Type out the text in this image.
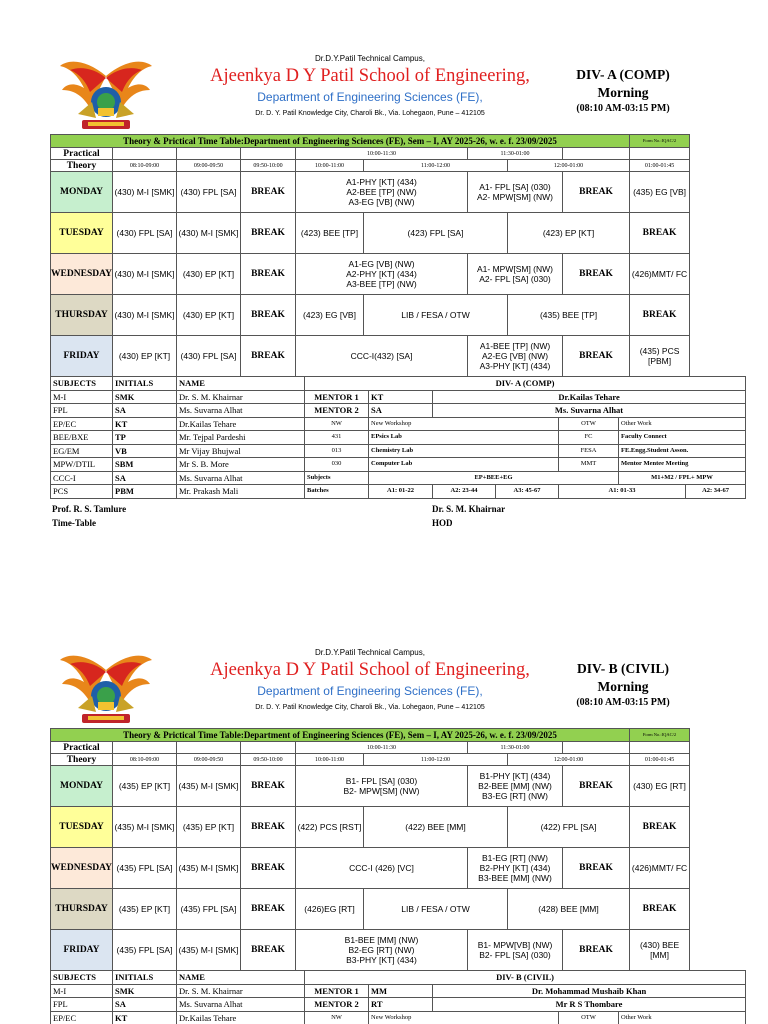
Dr.D.Y.Patil Technical Campus,
Ajeenkya D Y Patil School of Engineering,
Department of Engineering Sciences (FE),
Dr. D. Y. Patil Knowledge City, Charoli Bk., Via. Lohegaon, Pune – 412105
DIV- A (COMP)
Morning
(08:10 AM-03:15 PM)
Theory & Prictical Time Table:Department of Engineering Sciences (FE), Sem – I, AY 2025-26, w. e. f. 23/09/2025									Form No.:IQAC/2	
Practical				10:00-11:30		11:30-01:00				
Theory	08:10-09:00	09:00-09:50	09:50-10:00	10:00-11:00	11:00-12:00		12:00-01:00		01:00-01:45	
MONDAY	(430) M-I [SMK]	(430) FPL [SA]	BREAK	A1-PHY [KT] (434)
A2-BEE [TP] (NW)
A3-EG [VB] (NW)		A1- FPL [SA] (030)
A2- MPW[SM] (NW)		BREAK	(435) EG [VB]	
TUESDAY	(430) FPL [SA]	(430) M-I [SMK]	BREAK	(423) BEE [TP]	(423) FPL [SA]		(423) EP [KT]		BREAK	
WEDNESDAY	(430) M-I [SMK]	(430) EP [KT]	BREAK	A1-EG [VB] (NW)
A2-PHY [KT] (434)
A3-BEE [TP] (NW)		A1- MPW[SM] (NW)
A2- FPL [SA] (030)		BREAK	(426)MMT/ FC	
THURSDAY	(430) M-I [SMK]	(430) EP [KT]	BREAK	(423) EG [VB]	LIB / FESA / OTW		(435) BEE [TP]		BREAK	
FRIDAY	(430) EP [KT]	(430) FPL [SA]	BREAK	CCC-I(432) [SA]		A1-BEE [TP] (NW)
A2-EG [VB] (NW)
A3-PHY [KT] (434)		BREAK	(435) PCS [PBM]	
SUBJECTS	INITIALS	NAME	DIV- A (COMP)						
M-I	SMK	Dr. S. M. Khairnar	MENTOR 1	KT	Dr.Kailas Tehare				
FPL	SA	Ms. Suvarna Alhat	MENTOR 2	SA	Ms. Suvarna Alhat				
EP/EC	KT	Dr.Kailas Tehare	NW	New Workshop			OTW	Other Work	
BEE/BXE	TP	Mr. Tejpal Pardeshi	431	EPsics Lab			FC	Faculty Connect	
EG/EM	VB	Mr Vijay Bhujwal	013	Chemistry Lab			FESA	FE.Engg.Student Asson.	
MPW/DTIL	SBM	Mr S. B. More	030	Computer Lab			MMT	Mentor Mentee Meeting	
CCC-I	SA	Ms. Suvarna Alhat	Subjects	EP+BEE+EG				M1+M2 / FPL+ MPW	
PCS	PBM	Mr. Prakash Mali	Batches	A1: 01-22	A2: 23-44	A3: 45-67	A1: 01-33		A2: 34-67
Prof. R. S. Tamlure
Time-Table
Dr. S. M. Khairnar
HOD
Dr.D.Y.Patil Technical Campus,
Ajeenkya D Y Patil School of Engineering,
Department of Engineering Sciences (FE),
Dr. D. Y. Patil Knowledge City, Charoli Bk., Via. Lohegaon, Pune – 412105
DIV- B (CIVIL)
Morning
(08:10 AM-03:15 PM)
Theory & Prictical Time Table:Department of Engineering Sciences (FE), Sem – I, AY 2025-26, w. e. f. 23/09/2025									Form No.:IQAC/2	
Practical				10:00-11:30		11:30-01:00				
Theory	08:10-09:00	09:00-09:50	09:50-10:00	10:00-11:00	11:00-12:00		12:00-01:00		01:00-01:45	
MONDAY	(435) EP [KT]	(435) M-I [SMK]	BREAK	B1- FPL [SA] (030)
B2- MPW[SM] (NW)		B1-PHY [KT] (434)
B2-BEE [MM] (NW)
B3-EG [RT] (NW)		BREAK	(430) EG [RT]	
TUESDAY	(435) M-I [SMK]	(435) EP [KT]	BREAK	(422) PCS [RST]	(422) BEE [MM]		(422) FPL [SA]		BREAK	
WEDNESDAY	(435) FPL [SA]	(435) M-I [SMK]	BREAK	CCC-I (426) [VC]		B1-EG [RT] (NW)
B2-PHY [KT] (434)
B3-BEE [MM] (NW)		BREAK	(426)MMT/ FC	
THURSDAY	(435) EP [KT]	(435) FPL [SA]	BREAK	(426)EG [RT]	LIB / FESA / OTW		(428) BEE [MM]		BREAK	
FRIDAY	(435) FPL [SA]	(435) M-I [SMK]	BREAK	B1-BEE [MM] (NW)
B2-EG [RT] (NW)
B3-PHY [KT] (434)		B1- MPW[VB] (NW)
B2- FPL [SA] (030)		BREAK	(430) BEE [MM]	
SUBJECTS	INITIALS	NAME	DIV- B (CIVIL)				
M-I	SMK	Dr. S. M. Khairnar	MENTOR 1	MM	Dr. Mohammad Mushaib Khan		
FPL	SA	Ms. Suvarna Alhat	MENTOR 2	RT	Mr R S Thombare		
EP/EC	KT	Dr.Kailas Tehare	NW	New Workshop		OTW	Other Work
